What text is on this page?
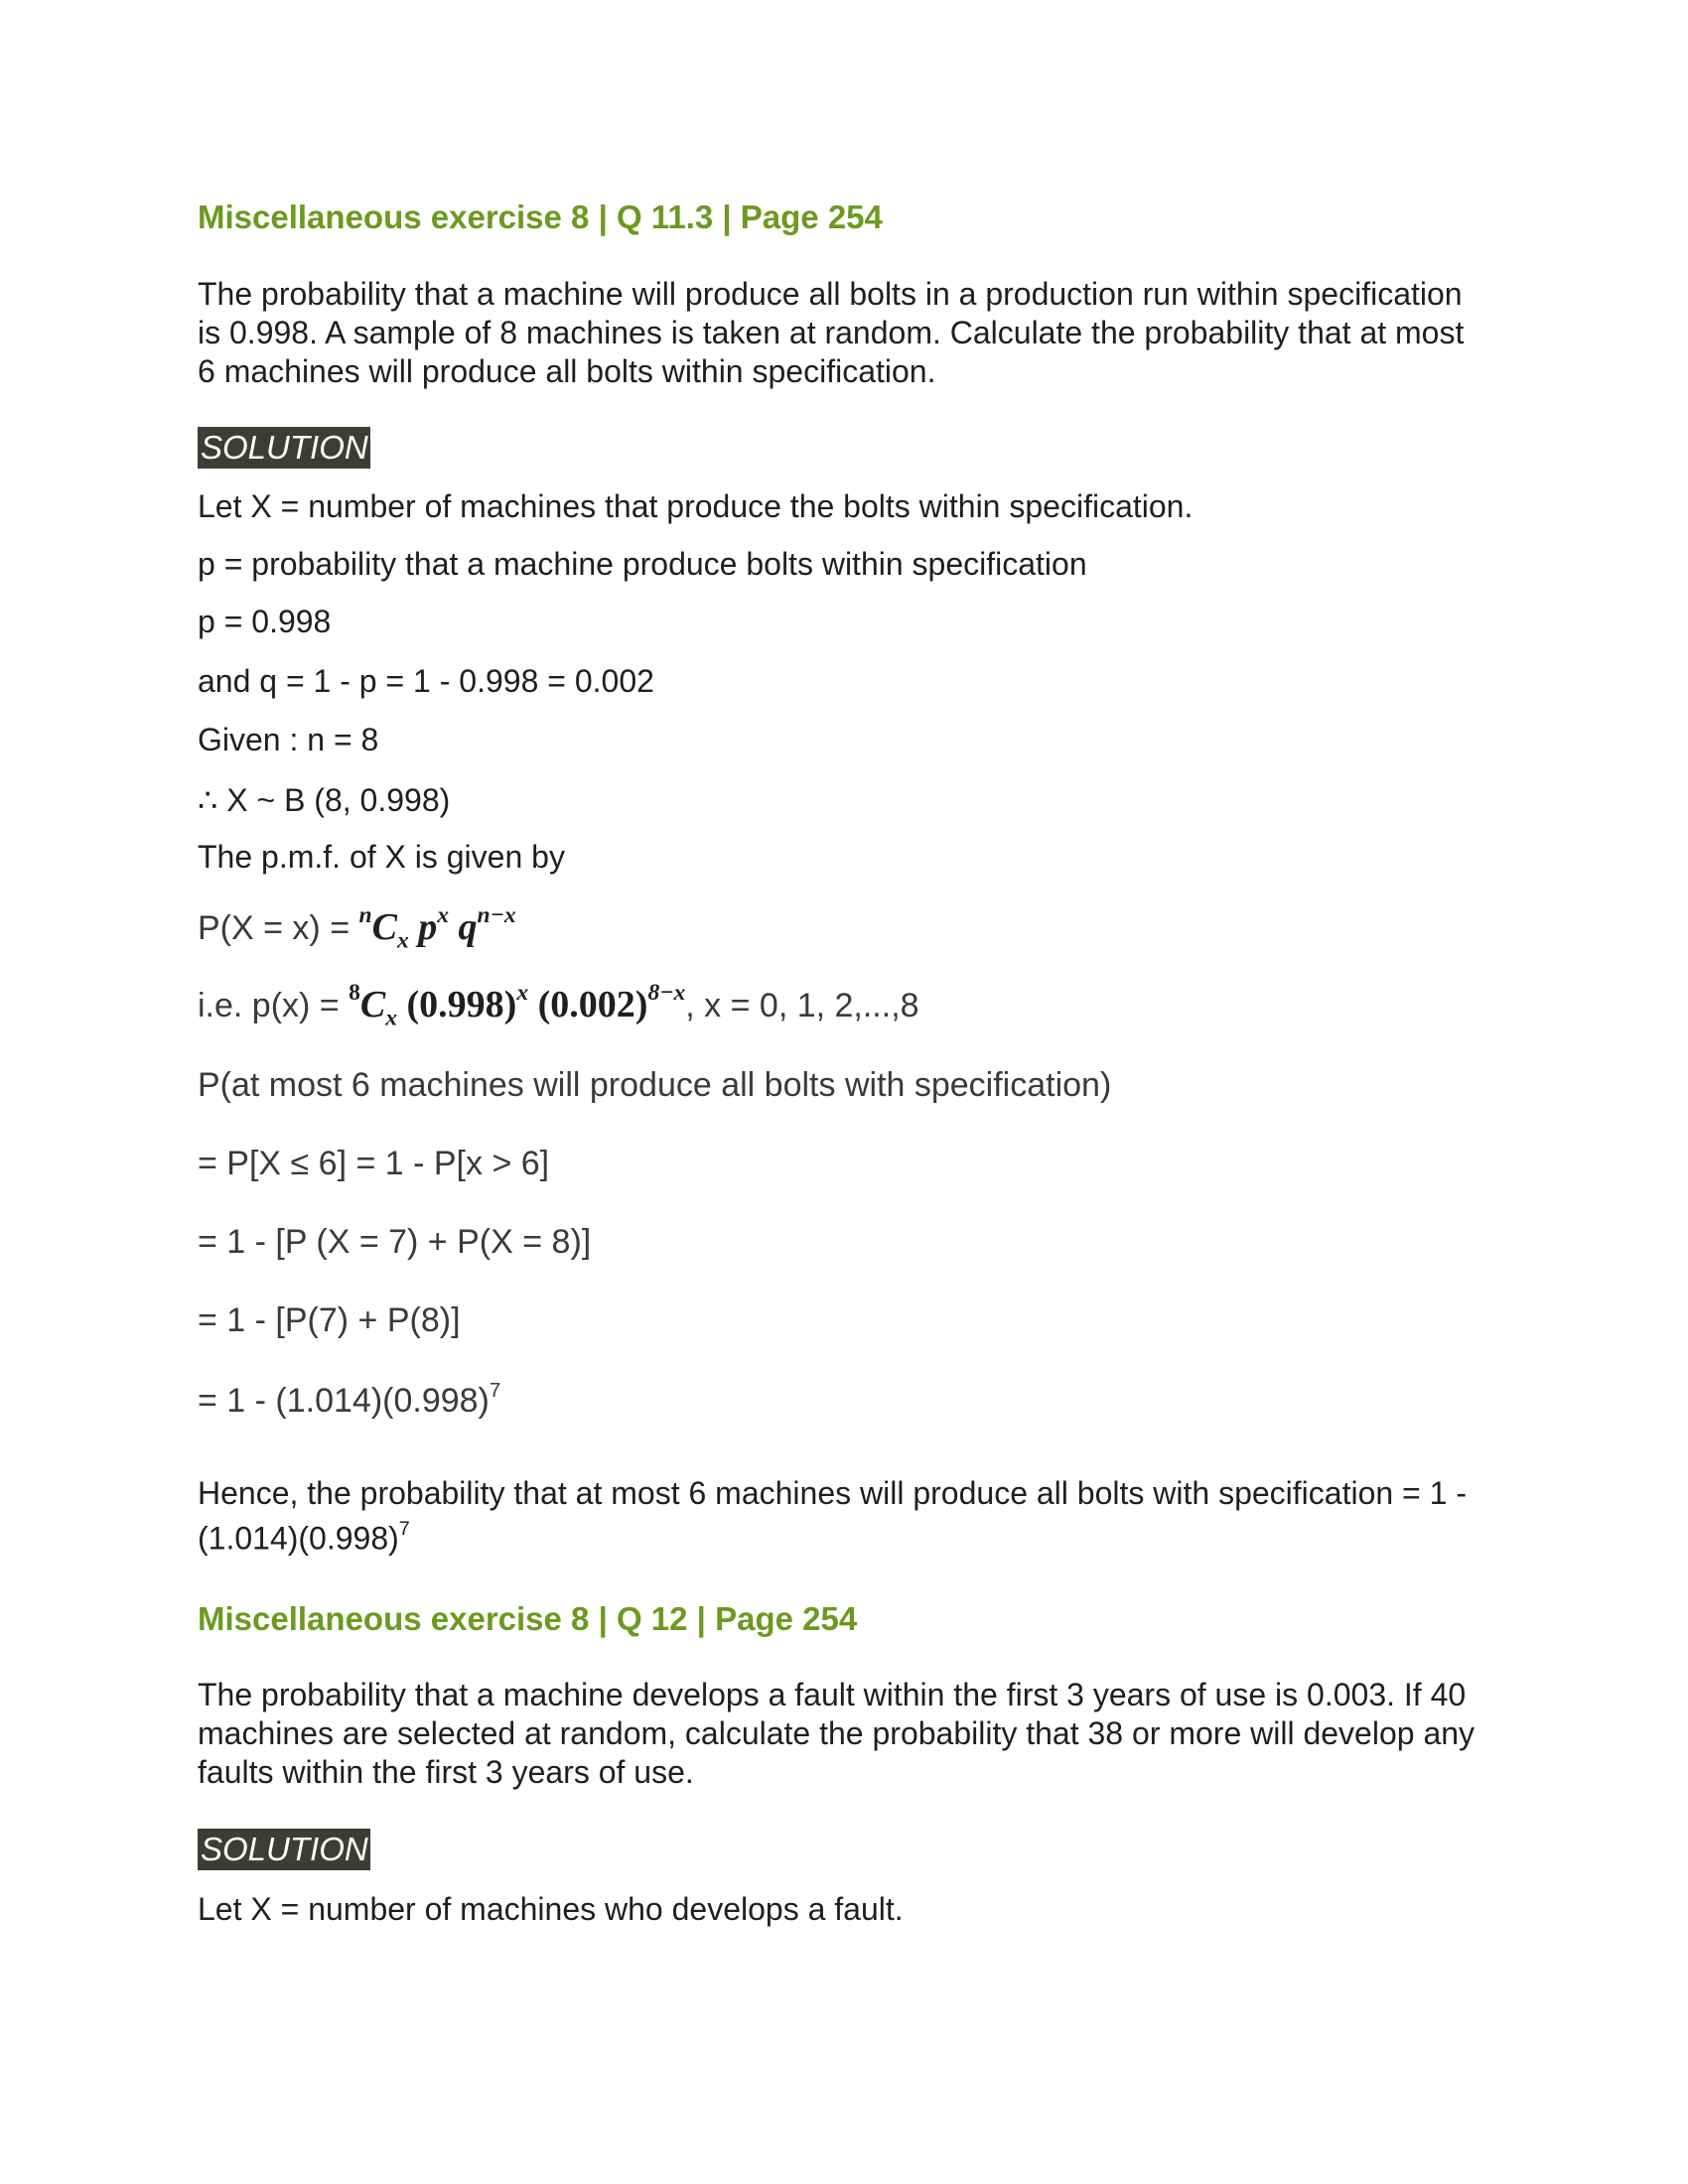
Miscellaneous exercise 8 | Q 11.3 | Page 254
The probability that a machine will produce all bolts in a production run within specification is 0.998. A sample of 8 machines is taken at random. Calculate the probability that at most 6 machines will produce all bolts within specification.
SOLUTION
Let X = number of machines that produce the bolts within specification.
p = probability that a machine produce bolts within specification
p = 0.998
and q = 1 - p = 1 - 0.998 = 0.002
Given : n = 8
∴ X ~ B (8, 0.998)
The p.m.f. of X is given by
$P(X = x) = ^nC_x$ $p^x$ $q^{n-x}$
i.e. $p(x) = ^8C_x$ $(0.998)^x$ $(0.002)^{8-x}$, x = 0, 1, 2,...,8
P(at most 6 machines will produce all bolts with specification)
= P[X ≤ 6] = 1 - P[x > 6]
= 1 - [P (X = 7) + P(X = 8)]
= 1 - [P(7) + P(8)]
= $1 - (1.014)(0.998)^7$
Hence, the probability that at most 6 machines will produce all bolts with specification = $1 - (1.014)(0.998)^7$
Miscellaneous exercise 8 | Q 12 | Page 254
The probability that a machine develops a fault within the first 3 years of use is 0.003. If 40 machines are selected at random, calculate the probability that 38 or more will develop any faults within the first 3 years of use.
SOLUTION
Let X = number of machines who develops a fault.
